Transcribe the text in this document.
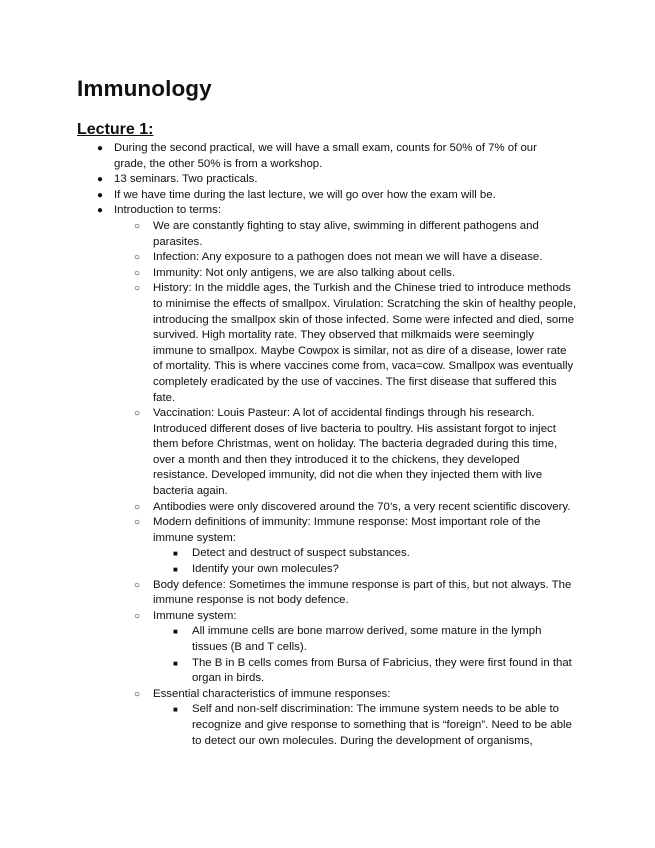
Immunology
Lecture 1:
● During the second practical, we will have a small exam, counts for 50% of 7% of our grade, the other 50% is from a workshop.
● 13 seminars. Two practicals.
● If we have time during the last lecture, we will go over how the exam will be.
● Introduction to terms:
○ We are constantly fighting to stay alive, swimming in different pathogens and parasites.
○ Infection: Any exposure to a pathogen does not mean we will have a disease.
○ Immunity: Not only antigens, we are also talking about cells.
○ History: In the middle ages, the Turkish and the Chinese tried to introduce methods to minimise the effects of smallpox. Virulation: Scratching the skin of healthy people, introducing the smallpox skin of those infected. Some were infected and died, some survived. High mortality rate. They observed that milkmaids were seemingly immune to smallpox. Maybe Cowpox is similar, not as dire of a disease, lower rate of mortality. This is where vaccines come from, vaca=cow. Smallpox was eventually completely eradicated by the use of vaccines. The first disease that suffered this fate.
○ Vaccination: Louis Pasteur: A lot of accidental findings through his research. Introduced different doses of live bacteria to poultry. His assistant forgot to inject them before Christmas, went on holiday. The bacteria degraded during this time, over a month and then they introduced it to the chickens, they developed resistance. Developed immunity, did not die when they injected them with live bacteria again.
○ Antibodies were only discovered around the 70’s, a very recent scientific discovery.
○ Modern definitions of immunity: Immune response: Most important role of the immune system:
■ Detect and destruct of suspect substances.
■ Identify your own molecules?
○ Body defence: Sometimes the immune response is part of this, but not always. The immune response is not body defence.
○ Immune system:
■ All immune cells are bone marrow derived, some mature in the lymph tissues (B and T cells).
■ The B in B cells comes from Bursa of Fabricius, they were first found in that organ in birds.
○ Essential characteristics of immune responses:
■ Self and non-self discrimination: The immune system needs to be able to recognize and give response to something that is “foreign”. Need to be able to detect our own molecules. During the development of organisms,
